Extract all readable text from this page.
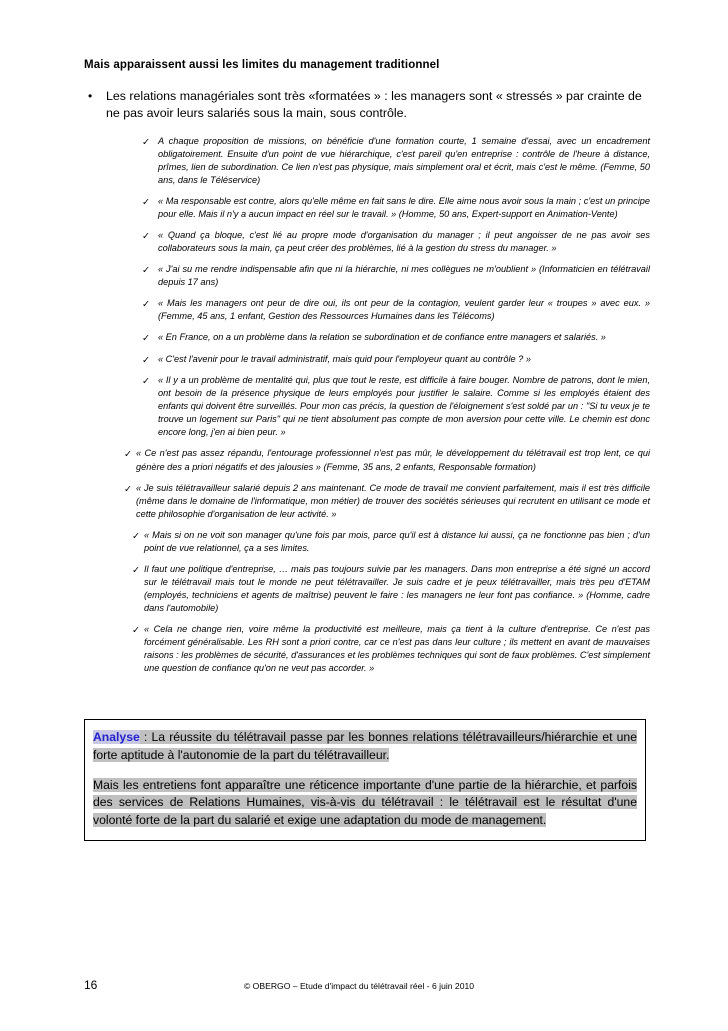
Mais apparaissent aussi les limites du management traditionnel
•	Les relations managériales sont très «formatées » : les managers sont « stressés » par crainte de ne pas avoir leurs salariés sous la main, sous contrôle.
✓ A chaque proposition de missions, on bénéficie d'une formation courte, 1 semaine d'essai, avec un encadrement obligatoirement. Ensuite d'un point de vue hiérarchique, c'est pareil qu'en entreprise : contrôle de l'heure à distance, prîmes, lien de subordination. Ce lien n'est pas physique, mais simplement oral et écrit, mais c'est le même. (Femme, 50 ans, dans le Téléservice)
✓ « Ma responsable est contre, alors qu'elle même en fait sans le dire. Elle aime nous avoir sous la main ; c'est un principe pour elle. Mais il n'y a aucun impact en réel sur le travail. » (Homme, 50 ans, Expert-support en Animation-Vente)
✓ « Quand ça bloque, c'est lié au propre mode d'organisation du manager ; il peut angoisser de ne pas avoir ses collaborateurs sous la main, ça peut créer des problèmes, lié à la gestion du stress du manager. »
✓ « J'ai su me rendre indispensable afin que ni la hiérarchie, ni mes collègues ne m'oublient » (Informaticien en télétravail depuis 17 ans)
✓ « Mais les managers ont peur de dire oui, ils ont peur de la contagion, veulent garder leur « troupes » avec eux. » (Femme, 45 ans, 1 enfant, Gestion des Ressources Humaines dans les Télécoms)
✓ « En France, on a un problème dans la relation se subordination et de confiance entre managers et salariés. »
✓ « C'est l'avenir pour le travail administratif, mais quid pour l'employeur quant au contrôle ? »
✓ « Il y a un problème de mentalité qui, plus que tout le reste, est difficile à faire bouger. Nombre de patrons, dont le mien, ont besoin de la présence physique de leurs employés pour justifier le salaire. Comme si les employés étaient des enfants qui doivent être surveillés. Pour mon cas précis, la question de l'éloignement s'est soldé par un : "Si tu veux je te trouve un logement sur Paris" qui ne tient absolument pas compte de mon aversion pour cette ville. Le chemin est donc encore long, j'en ai bien peur. »
✓ « Ce n'est pas assez répandu, l'entourage professionnel n'est pas mûr, le développement du télétravail est trop lent, ce qui génère des a priori négatifs et des jalousies » (Femme, 35 ans, 2 enfants, Responsable formation)
✓ « Je suis télétravailleur salarié depuis 2 ans maintenant. Ce mode de travail me convient parfaitement, mais il est très difficile (même dans le domaine de l'informatique, mon métier) de trouver des sociétés sérieuses qui recrutent en utilisant ce mode et cette philosophie d'organisation de leur activité. »
✓ « Mais si on ne voit son manager qu'une fois par mois, parce qu'il est à distance lui aussi, ça ne fonctionne pas bien ; d'un point de vue relationnel, ça a ses limites.
✓ Il faut une politique d'entreprise, … mais pas toujours suivie par les managers. Dans mon entreprise a été signé un accord sur le télétravail mais tout le monde ne peut télétravailler. Je suis cadre et je peux télétravailler, mais très peu d'ETAM (employés, techniciens et agents de maîtrise) peuvent le faire : les managers ne leur font pas confiance. » (Homme, cadre dans l'automobile)
✓ « Cela ne change rien, voire même la productivité est meilleure, mais ça tient à la culture d'entreprise. Ce n'est pas forcément généralisable. Les RH sont a priori contre, car ce n'est pas dans leur culture ; ils mettent en avant de mauvaises raisons : les problèmes de sécurité, d'assurances et les problèmes techniques qui sont de faux problèmes. C'est simplement une question de confiance qu'on ne veut pas accorder. »

Analyse : La réussite du télétravail passe par les bonnes relations télétravailleurs/hiérarchie et une forte aptitude à l'autonomie de la part du télétravailleur.

Mais les entretiens font apparaître une réticence importante d'une partie de la hiérarchie, et parfois des services de Relations Humaines, vis-à-vis du télétravail : le télétravail est le résultat d'une volonté forte de la part du salarié et exige une adaptation du mode de management.

16	© OBERGO – Etude d'impact du télétravail réel - 6 juin 2010
